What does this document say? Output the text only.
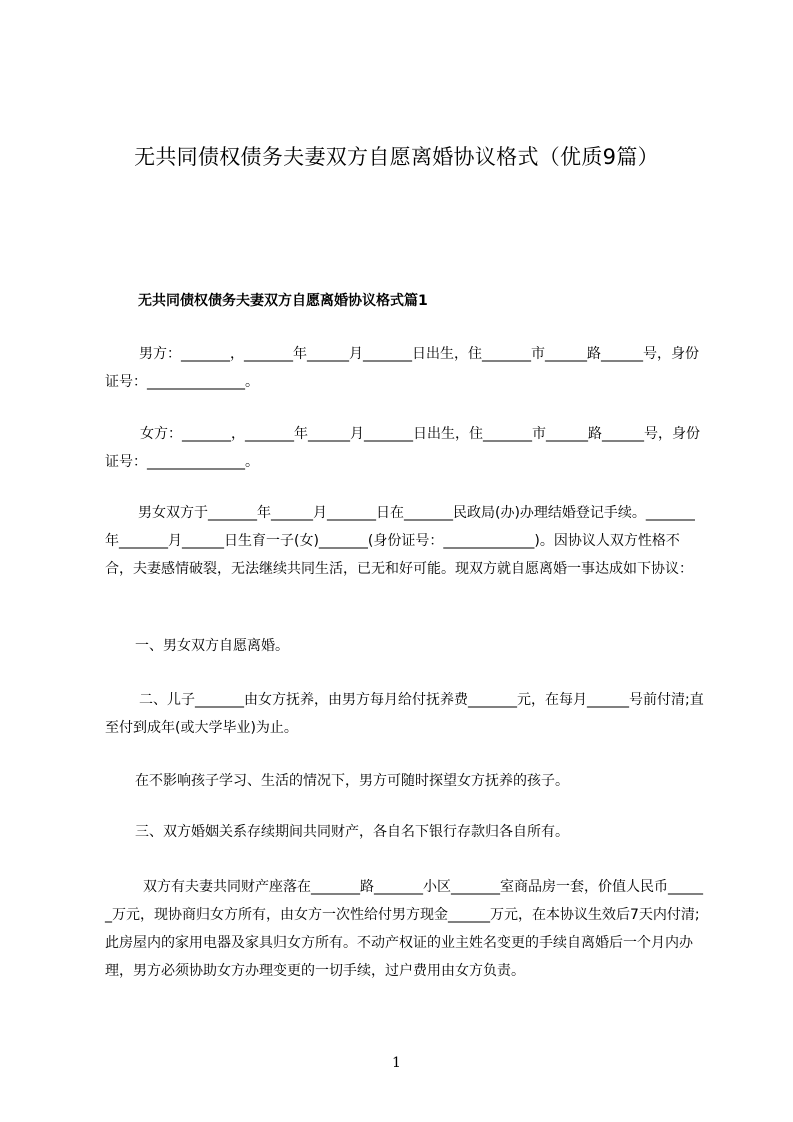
无共同债权债务夫妻双方自愿离婚协议格式（优质9篇）
无共同债权债务夫妻双方自愿离婚协议格式篇1

男方：_______，_______年______月_______日出生，住_______市______路______号，身份证号：______________。

女方：_______，_______年______月_______日出生，住_______市______路______号，身份证号：______________。

男女双方于_______年______月_______日在_______民政局(办)办理结婚登记手续。_______年_______月______日生育一子(女)_______(身份证号：_____________)。因协议人双方性格不合，夫妻感情破裂，无法继续共同生活，已无和好可能。现双方就自愿离婚一事达成如下协议：

一、男女双方自愿离婚。

二、儿子_______由女方抚养，由男方每月给付抚养费_______元，在每月______号前付清;直至付到成年(或大学毕业)为止。

在不影响孩子学习、生活的情况下，男方可随时探望女方抚养的孩子。

三、双方婚姻关系存续期间共同财产，各自名下银行存款归各自所有。

双方有夫妻共同财产座落在_______路_______小区_______室商品房一套，价值人民币______万元，现协商归女方所有，由女方一次性给付男方现金______万元，在本协议生效后7天内付清;此房屋内的家用电器及家具归女方所有。不动产权证的业主姓名变更的手续自离婚后一个月内办理，男方必须协助女方办理变更的一切手续，过户费用由女方负责。

1
